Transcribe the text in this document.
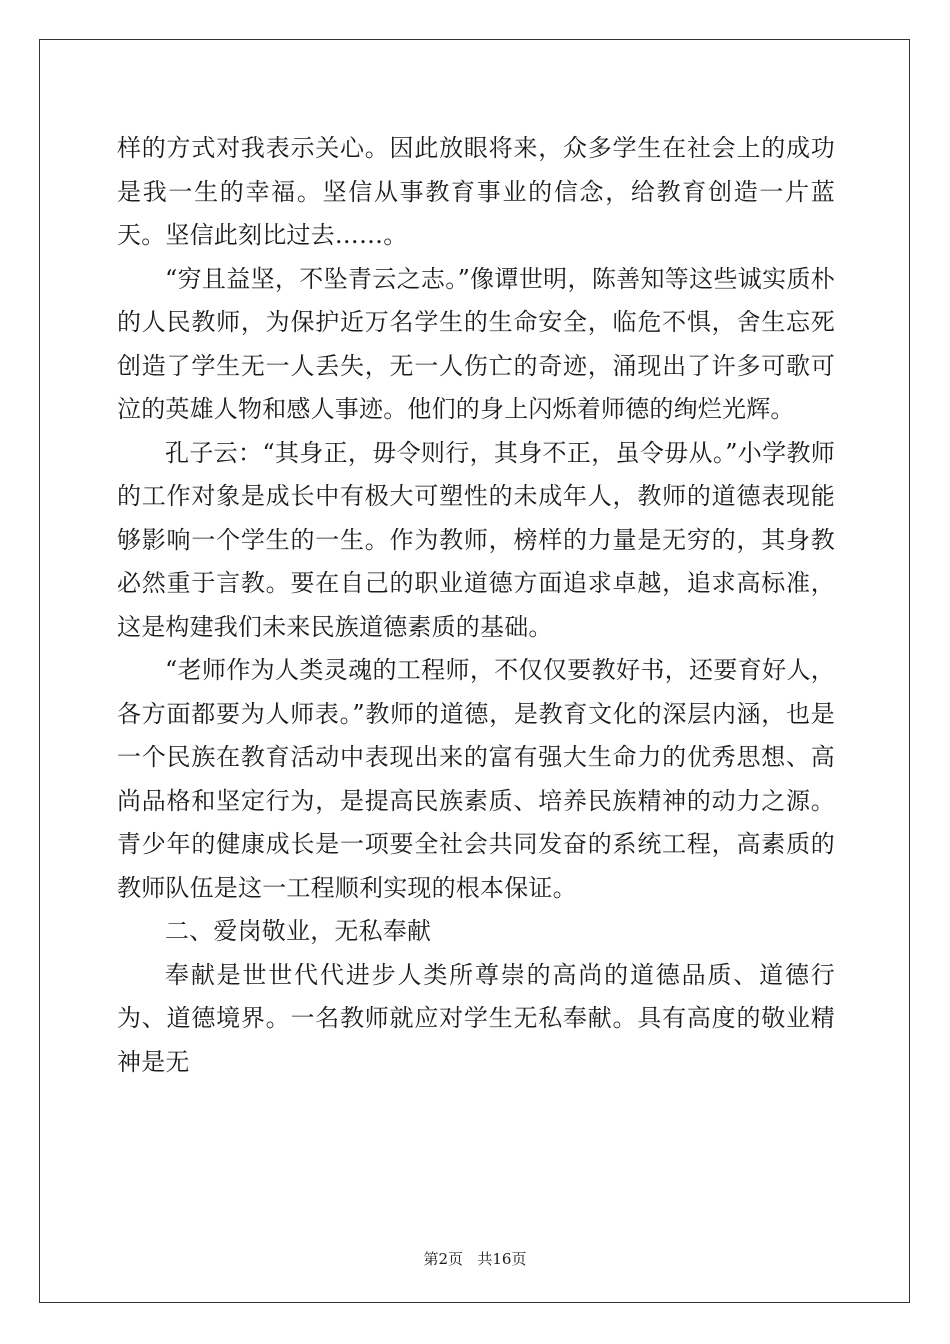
样的方式对我表示关心。因此放眼将来，众多学生在社会上的成功是我一生的幸福。坚信从事教育事业的信念，给教育创造一片蓝天。坚信此刻比过去……。

“穷且益坚，不坠青云之志。”像谭世明，陈善知等这些诚实质朴的人民教师，为保护近万名学生的生命安全，临危不惧，舍生忘死创造了学生无一人丢失，无一人伤亡的奇迹，涌现出了许多可歌可泣的英雄人物和感人事迹。他们的身上闪烁着师德的绚烂光辉。

孔子云：“其身正，毋令则行，其身不正，虽令毋从。”小学教师的工作对象是成长中有极大可塑性的未成年人，教师的道德表现能够影响一个学生的一生。作为教师，榜样的力量是无穷的，其身教必然重于言教。要在自己的职业道德方面追求卓越，追求高标准，这是构建我们未来民族道德素质的基础。

“老师作为人类灵魂的工程师，不仅仅要教好书，还要育好人，各方面都要为人师表。”教师的道德，是教育文化的深层内涵，也是一个民族在教育活动中表现出来的富有强大生命力的优秀思想、高尚品格和坚定行为，是提高民族素质、培养民族精神的动力之源。青少年的健康成长是一项要全社会共同发奋的系统工程，高素质的教师队伍是这一工程顺利实现的根本保证。

二、爱岗敬业，无私奉献

奉献是世世代代进步人类所尊崇的高尚的道德品质、道德行为、道德境界。一名教师就应对学生无私奉献。具有高度的敬业精神是无

第2页 共16页
